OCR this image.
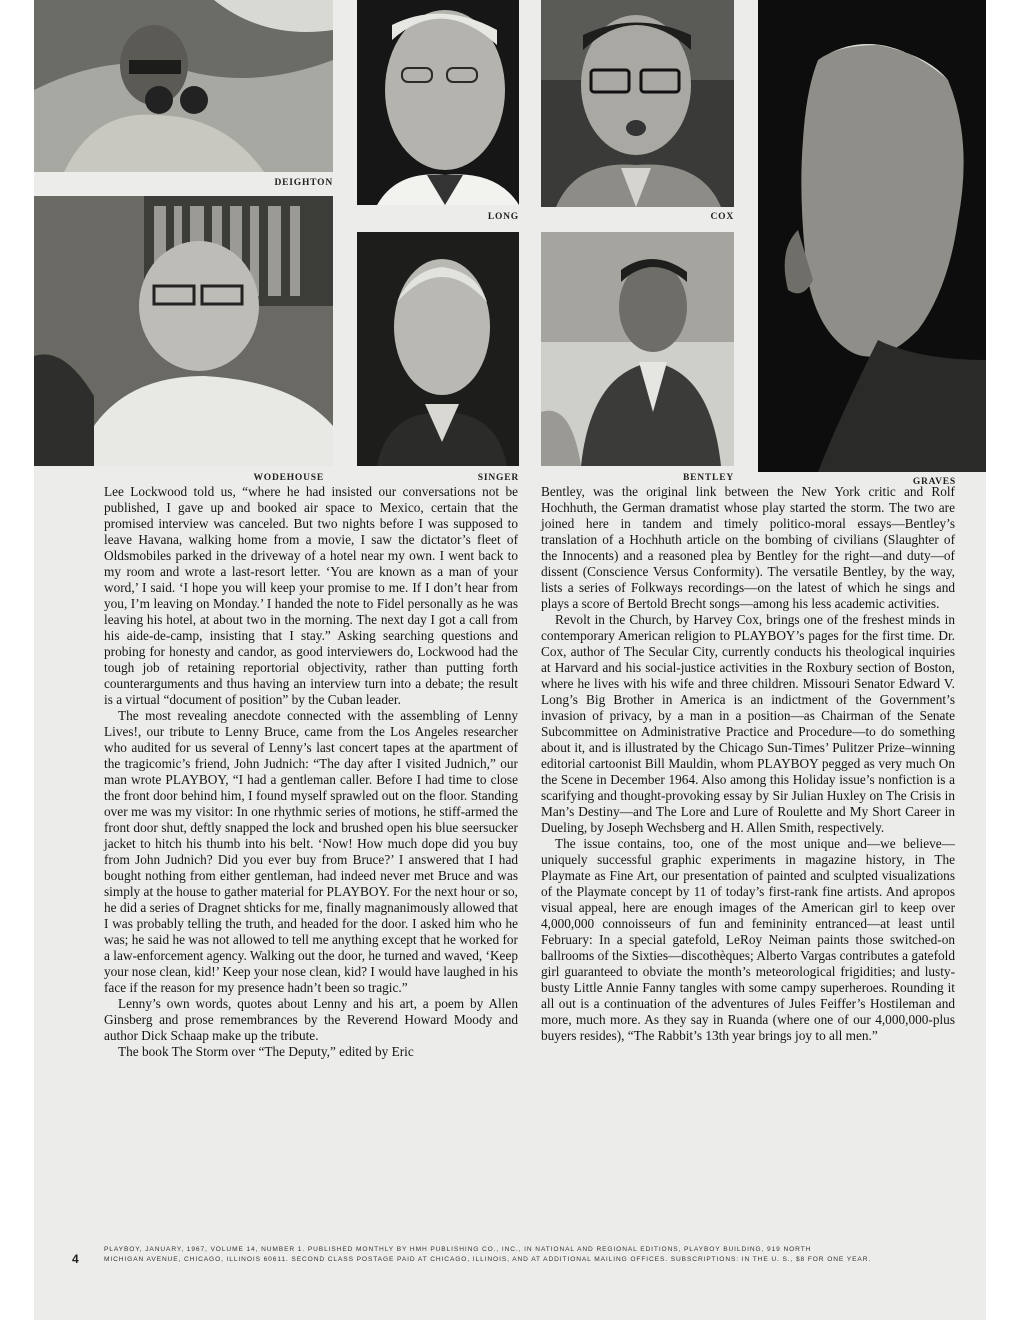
DEIGHTON
LONG	COX
GRAVES
WODEHOUSE	SINGER	BENTLEY

Lee Lockwood told us, “where he had insisted our conversations not be published, I gave up and booked air space to Mexico, certain that the promised interview was canceled. But two nights before I was supposed to leave Havana, walking home from a movie, I saw the dictator’s fleet of Oldsmobiles parked in the driveway of a hotel near my own. I went back to my room and wrote a last-resort letter. ‘You are known as a man of your word,’ I said. ‘I hope you will keep your promise to me. If I don’t hear from you, I’m leaving on Monday.’ I handed the note to Fidel personally as he was leaving his hotel, at about two in the morning. The next day I got a call from his aide-de-camp, insisting that I stay.” Asking searching questions and probing for honesty and candor, as good interviewers do, Lockwood had the tough job of retaining reportorial objectivity, rather than putting forth counterarguments and thus having an interview turn into a debate; the result is a virtual “document of position” by the Cuban leader.

The most revealing anecdote connected with the assembling of Lenny Lives!, our tribute to Lenny Bruce, came from the Los Angeles researcher who audited for us several of Lenny’s last concert tapes at the apartment of the tragicomic’s friend, John Judnich: “The day after I visited Judnich,” our man wrote PLAYBOY, “I had a gentleman caller. Before I had time to close the front door behind him, I found myself sprawled out on the floor. Standing over me was my visitor: In one rhythmic series of motions, he stiff-armed the front door shut, deftly snapped the lock and brushed open his blue seersucker jacket to hitch his thumb into his belt. ‘Now! How much dope did you buy from John Judnich? Did you ever buy from Bruce?’ I answered that I had bought nothing from either gentleman, had indeed never met Bruce and was simply at the house to gather material for PLAYBOY. For the next hour or so, he did a series of Dragnet shticks for me, finally magnanimously allowed that I was probably telling the truth, and headed for the door. I asked him who he was; he said he was not allowed to tell me anything except that he worked for a law-enforcement agency. Walking out the door, he turned and waved, ‘Keep your nose clean, kid!’ Keep your nose clean, kid? I would have laughed in his face if the reason for my presence hadn’t been so tragic.”

Lenny’s own words, quotes about Lenny and his art, a poem by Allen Ginsberg and prose remembrances by the Reverend Howard Moody and author Dick Schaap make up the tribute.

The book The Storm over “The Deputy,” edited by Eric

Bentley, was the original link between the New York critic and Rolf Hochhuth, the German dramatist whose play started the storm. The two are joined here in tandem and timely politico-moral essays—Bentley’s translation of a Hochhuth article on the bombing of civilians (Slaughter of the Innocents) and a reasoned plea by Bentley for the right—and duty—of dissent (Conscience Versus Conformity). The versatile Bentley, by the way, lists a series of Folkways recordings—on the latest of which he sings and plays a score of Bertold Brecht songs—among his less academic activities.

Revolt in the Church, by Harvey Cox, brings one of the freshest minds in contemporary American religion to PLAYBOY’s pages for the first time. Dr. Cox, author of The Secular City, currently conducts his theological inquiries at Harvard and his social-justice activities in the Roxbury section of Boston, where he lives with his wife and three children. Missouri Senator Edward V. Long’s Big Brother in America is an indictment of the Government’s invasion of privacy, by a man in a position—as Chairman of the Senate Subcommittee on Administrative Practice and Procedure—to do something about it, and is illustrated by the Chicago Sun-Times’ Pulitzer Prize–winning editorial cartoonist Bill Mauldin, whom PLAYBOY pegged as very much On the Scene in December 1964. Also among this Holiday issue’s nonfiction is a scarifying and thought-provoking essay by Sir Julian Huxley on The Crisis in Man’s Destiny—and The Lore and Lure of Roulette and My Short Career in Dueling, by Joseph Wechsberg and H. Allen Smith, respectively.

The issue contains, too, one of the most unique and—we believe—uniquely successful graphic experiments in magazine history, in The Playmate as Fine Art, our presentation of painted and sculpted visualizations of the Playmate concept by 11 of today’s first-rank fine artists. And apropos visual appeal, here are enough images of the American girl to keep over 4,000,000 connoisseurs of fun and femininity entranced—at least until February: In a special gatefold, LeRoy Neiman paints those switched-on ballrooms of the Sixties—discothèques; Alberto Vargas contributes a gatefold girl guaranteed to obviate the month’s meteorological frigidities; and lusty-busty Little Annie Fanny tangles with some campy superheroes. Rounding it all out is a continuation of the adventures of Jules Feiffer’s Hostileman and more, much more. As they say in Ruanda (where one of our 4,000,000-plus buyers resides), “The Rabbit’s 13th year brings joy to all men.”

4
PLAYBOY, JANUARY, 1967, VOLUME 14, NUMBER 1. PUBLISHED MONTHLY BY HMH PUBLISHING CO., INC., IN NATIONAL AND REGIONAL EDITIONS, PLAYBOY BUILDING, 919 NORTH
MICHIGAN AVENUE, CHICAGO, ILLINOIS 60611. SECOND CLASS POSTAGE PAID AT CHICAGO, ILLINOIS, AND AT ADDITIONAL MAILING OFFICES. SUBSCRIPTIONS: IN THE U. S., $8 FOR ONE YEAR.
